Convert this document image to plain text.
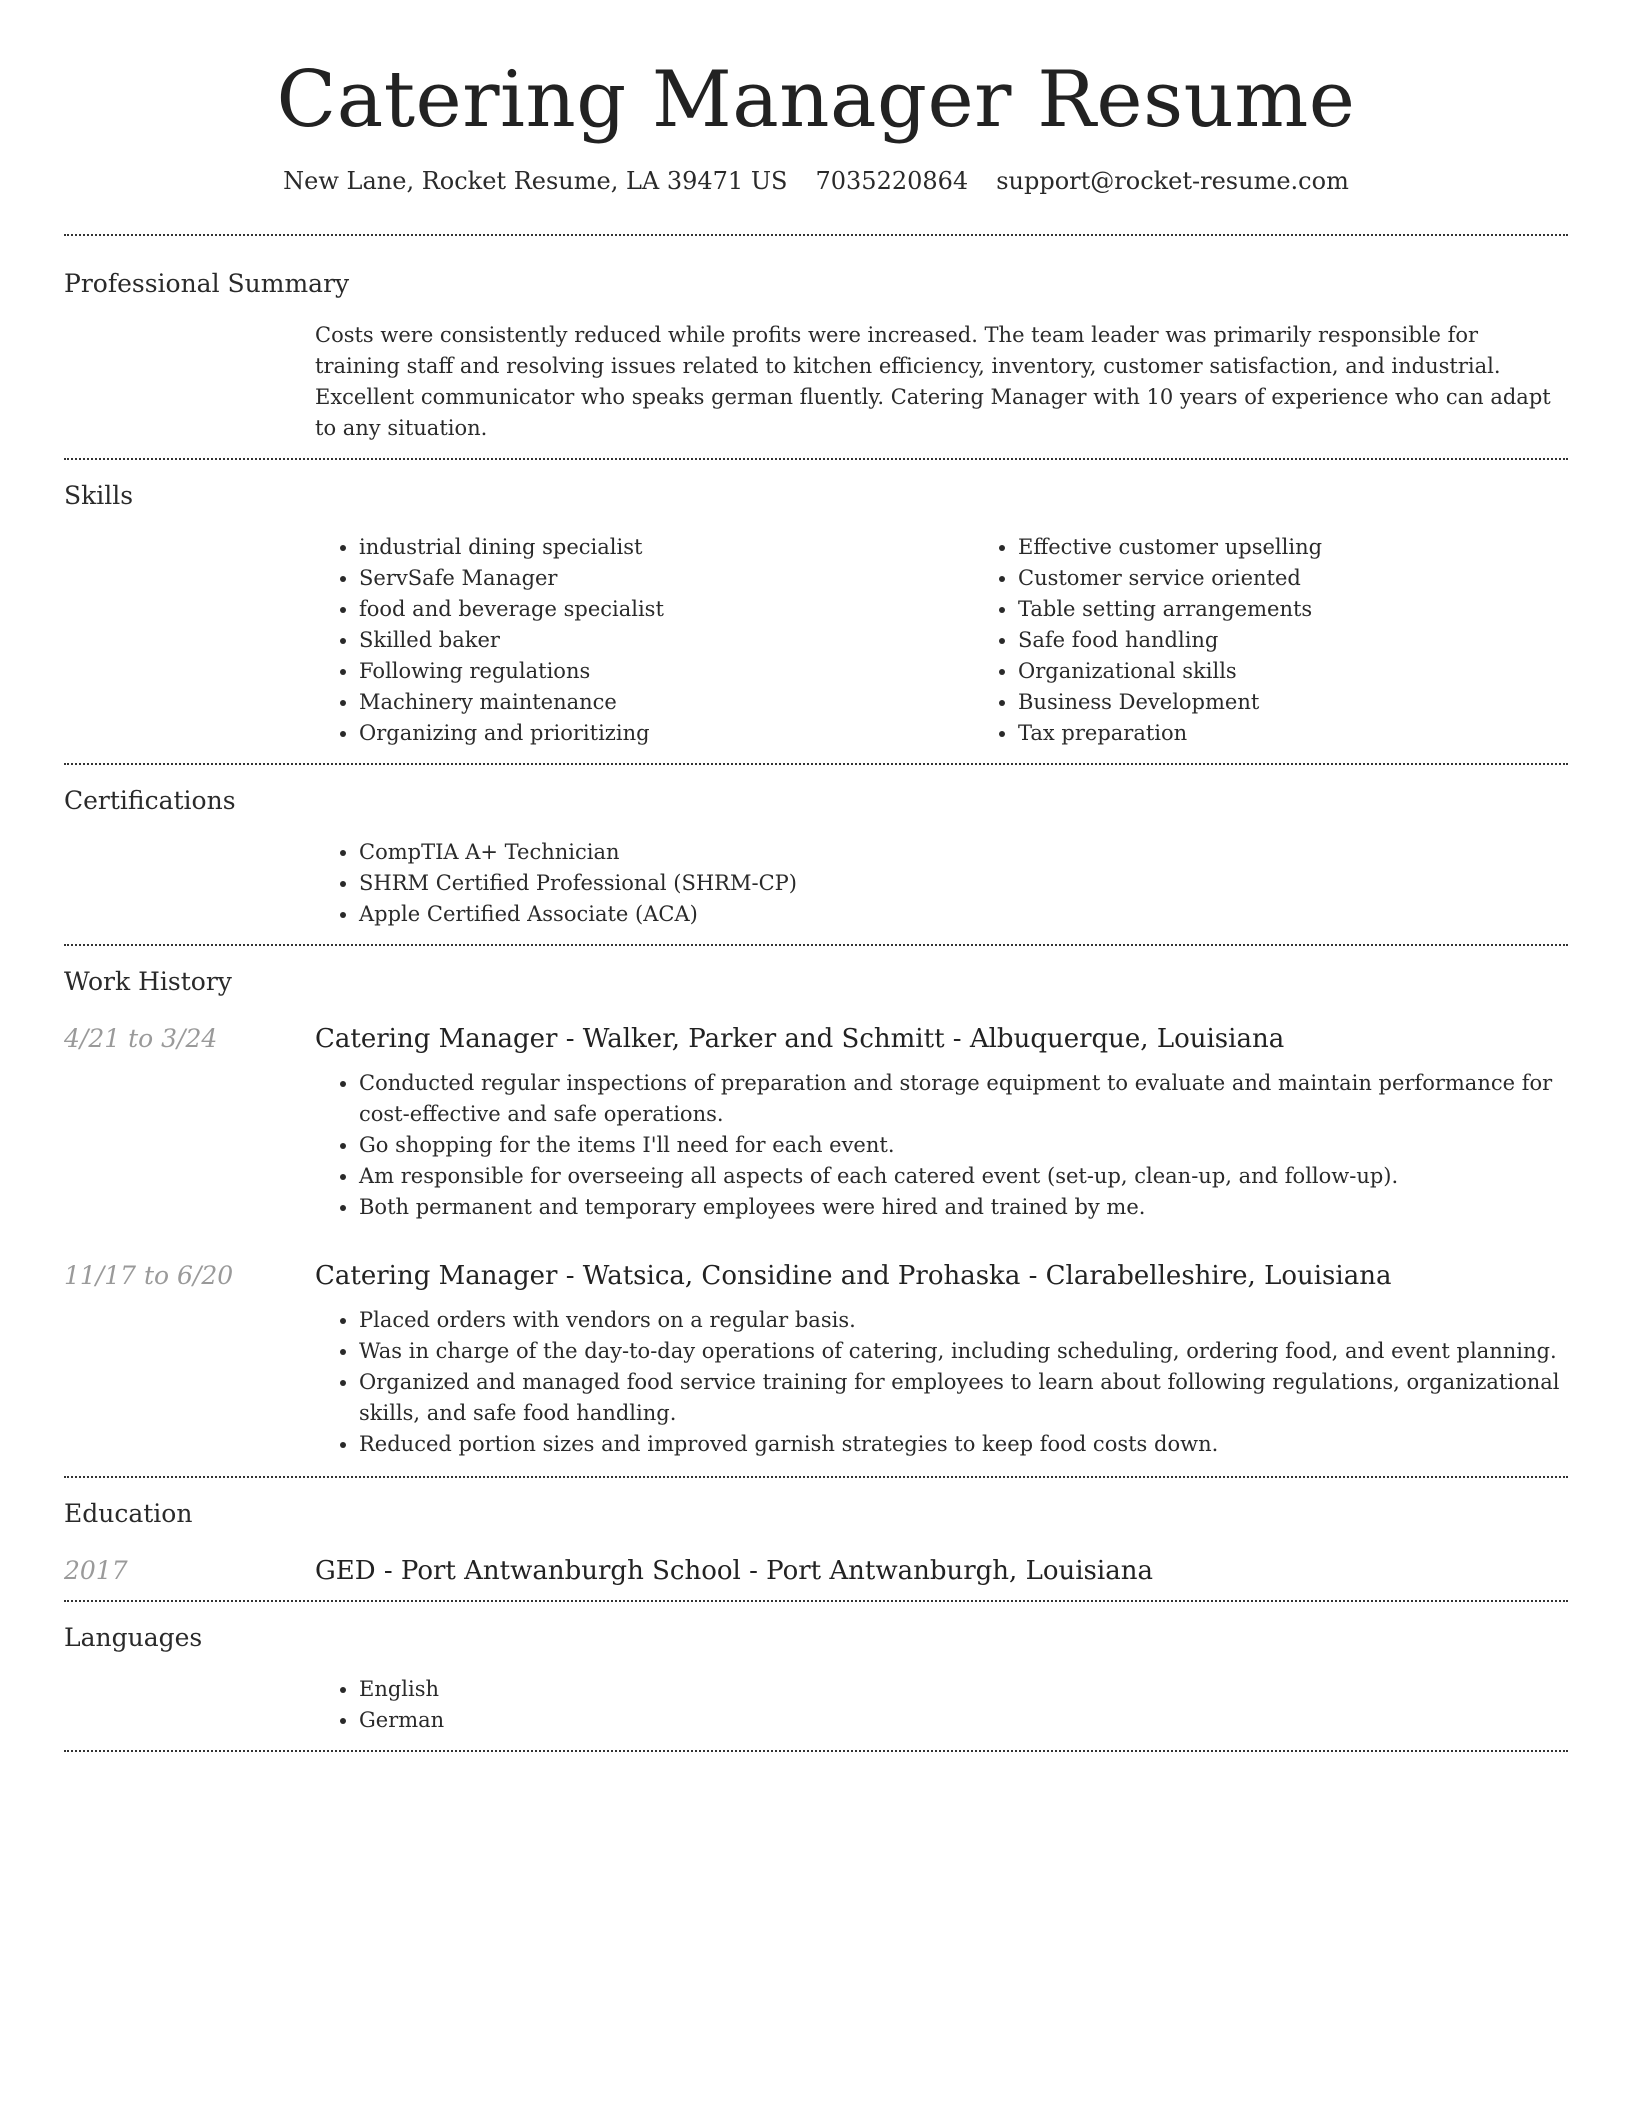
Catering Manager Resume
New Lane, Rocket Resume, LA 39471 US 7035220864 support@rocket-resume.com
Professional Summary
Costs were consistently reduced while profits were increased. The team leader was primarily responsible for training staff and resolving issues related to kitchen efficiency, inventory, customer satisfaction, and industrial. Excellent communicator who speaks german fluently. Catering Manager with 10 years of experience who can adapt to any situation.
Skills
• industrial dining specialist
• ServSafe Manager
• food and beverage specialist
• Skilled baker
• Following regulations
• Machinery maintenance
• Organizing and prioritizing
• Effective customer upselling
• Customer service oriented
• Table setting arrangements
• Safe food handling
• Organizational skills
• Business Development
• Tax preparation
Certifications
• CompTIA A+ Technician
• SHRM Certified Professional (SHRM-CP)
• Apple Certified Associate (ACA)
Work History
4/21 to 3/24	Catering Manager - Walker, Parker and Schmitt - Albuquerque, Louisiana
• Conducted regular inspections of preparation and storage equipment to evaluate and maintain performance for cost-effective and safe operations.
• Go shopping for the items I'll need for each event.
• Am responsible for overseeing all aspects of each catered event (set-up, clean-up, and follow-up).
• Both permanent and temporary employees were hired and trained by me.
11/17 to 6/20	Catering Manager - Watsica, Considine and Prohaska - Clarabelleshire, Louisiana
• Placed orders with vendors on a regular basis.
• Was in charge of the day-to-day operations of catering, including scheduling, ordering food, and event planning.
• Organized and managed food service training for employees to learn about following regulations, organizational skills, and safe food handling.
• Reduced portion sizes and improved garnish strategies to keep food costs down.
Education
2017	GED - Port Antwanburgh School - Port Antwanburgh, Louisiana
Languages
• English
• German
